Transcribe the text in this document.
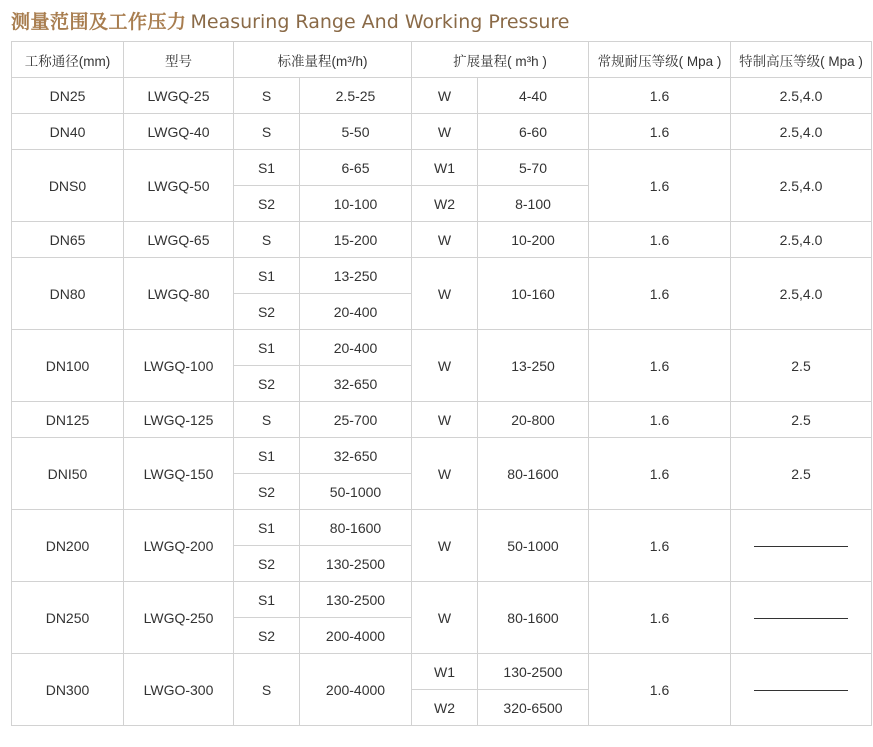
测量范围及工作压力 Measuring Range And Working Pressure
工称通径(mm)	型号	标准量程(m³/h)		扩展量程( m³h )		常规耐压等级( Mpa )	特制高压等级( Mpa )
DN25	LWGQ-25	S	2.5-25	W	4-40	1.6	2.5,4.0
DN40	LWGQ-40	S	5-50	W	6-60	1.6	2.5,4.0
DNS0	LWGQ-50	S1	6-65	W1	5-70	1.6	2.5,4.0
		S2	10-100	W2	8-100		
DN65	LWGQ-65	S	15-200	W	10-200	1.6	2.5,4.0
DN80	LWGQ-80	S1	13-250	W	10-160	1.6	2.5,4.0
		S2	20-400				
DN100	LWGQ-100	S1	20-400	W	13-250	1.6	2.5
		S2	32-650				
DN125	LWGQ-125	S	25-700	W	20-800	1.6	2.5
DNI50	LWGQ-150	S1	32-650	W	80-1600	1.6	2.5
		S2	50-1000				
DN200	LWGQ-200	S1	80-1600	W	50-1000	1.6	
		S2	130-2500				
DN250	LWGQ-250	S1	130-2500	W	80-1600	1.6	
		S2	200-4000				
DN300	LWGO-300	S	200-4000	W1	130-2500	1.6	
				W2	320-6500		
